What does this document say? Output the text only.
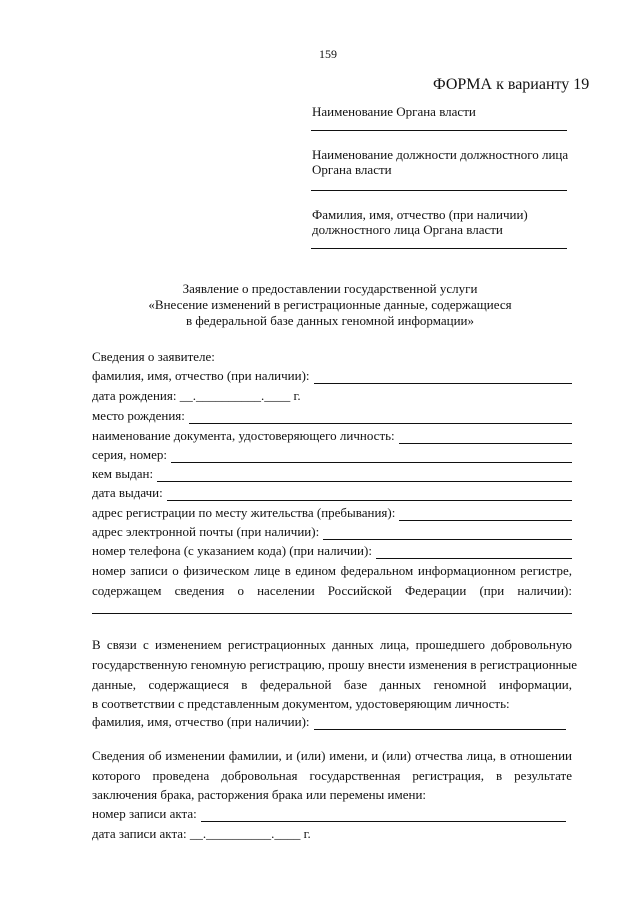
159
ФОРМА к варианту 19
Наименование Органа власти
Наименование должности должностного лица
Органа власти
Фамилия, имя, отчество (при наличии)
должностного лица Органа власти
Заявление о предоставлении государственной услуги
«Внесение изменений в регистрационные данные, содержащиеся
в федеральной базе данных геномной информации»
Сведения о заявителе:
фамилия, имя, отчество (при наличии):
дата рождения: __.__________.____ г.
место рождения:
наименование документа, удостоверяющего личность:
серия, номер:
кем выдан:
дата выдачи:
адрес регистрации по месту жительства (пребывания):
адрес электронной почты (при наличии):
номер телефона (с указанием кода) (при наличии):
номер записи о физическом лице в едином федеральном информационном регистре,
содержащем сведения о населении Российской Федерации (при наличии):
В связи с изменением регистрационных данных лица, прошедшего добровольную
государственную геномную регистрацию, прошу внести изменения в регистрационные
данные, содержащиеся в федеральной базе данных геномной информации,
в соответствии с представленным документом, удостоверяющим личность:
фамилия, имя, отчество (при наличии):
Сведения об изменении фамилии, и (или) имени, и (или) отчества лица, в отношении
которого проведена добровольная государственная регистрация, в результате
заключения брака, расторжения брака или перемены имени:
номер записи акта:
дата записи акта: __.__________.____ г.
